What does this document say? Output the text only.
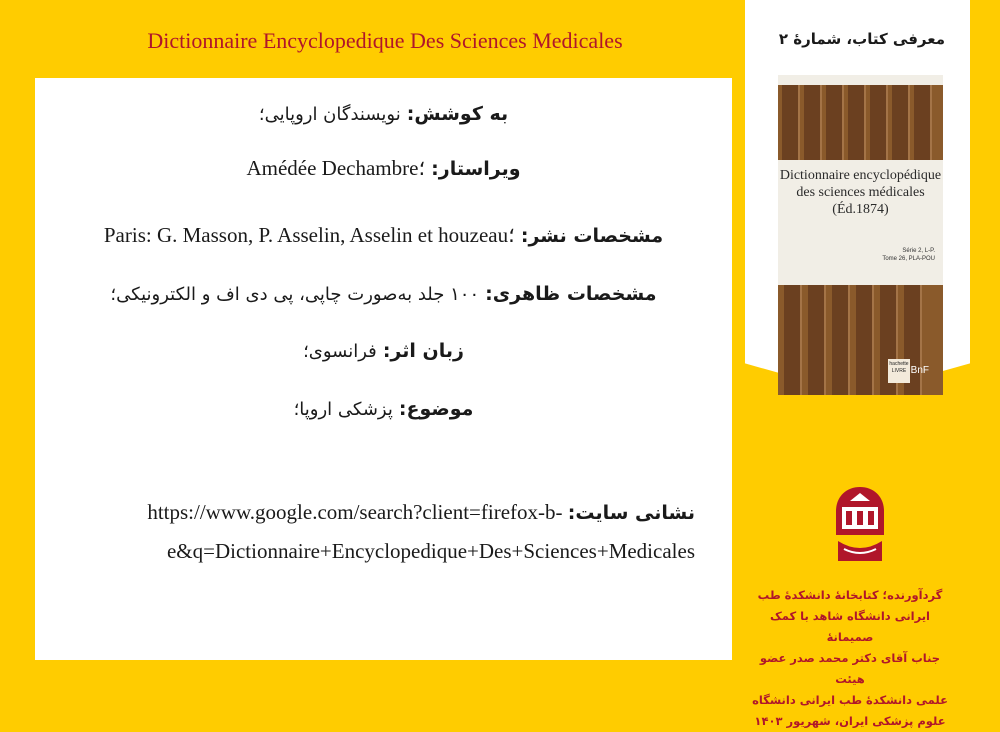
Dictionnaire Encyclopedique Des Sciences Medicales
به کوشش: نویسندگان اروپایی؛
ویراستار: Amédée Dechambre؛
مشخصات نشر: Paris: G. Masson, P. Asselin, Asselin et houzeau؛
مشخصات ظاهری: ۱۰۰ جلد به‌صورت چاپی، پی دی اف و الکترونیکی؛
زبان اثر: فرانسوی؛
موضوع: پزشکی اروپا؛
https://www.google.com/search?client=firefox-b- نشانی سایت:
e&q=Dictionnaire+Encyclopedique+Des+Sciences+Medicales
معرفی کتاب، شمارهٔ ۲
Dictionnaire encyclopédique
des sciences médicales
(Éd.1874)
Série 2, L-P.
Tome 26, PLA-POU
hachette LIVRE BnF
گردآورنده؛ کتابخانهٔ دانشکدهٔ طب
ایرانی دانشگاه شاهد با کمک صمیمانهٔ
جناب آقای دکتر محمد صدر عضو هیئت
علمی دانشکدهٔ طب ایرانی دانشگاه
علوم پزشکی ایران، شهریور ۱۴۰۳
